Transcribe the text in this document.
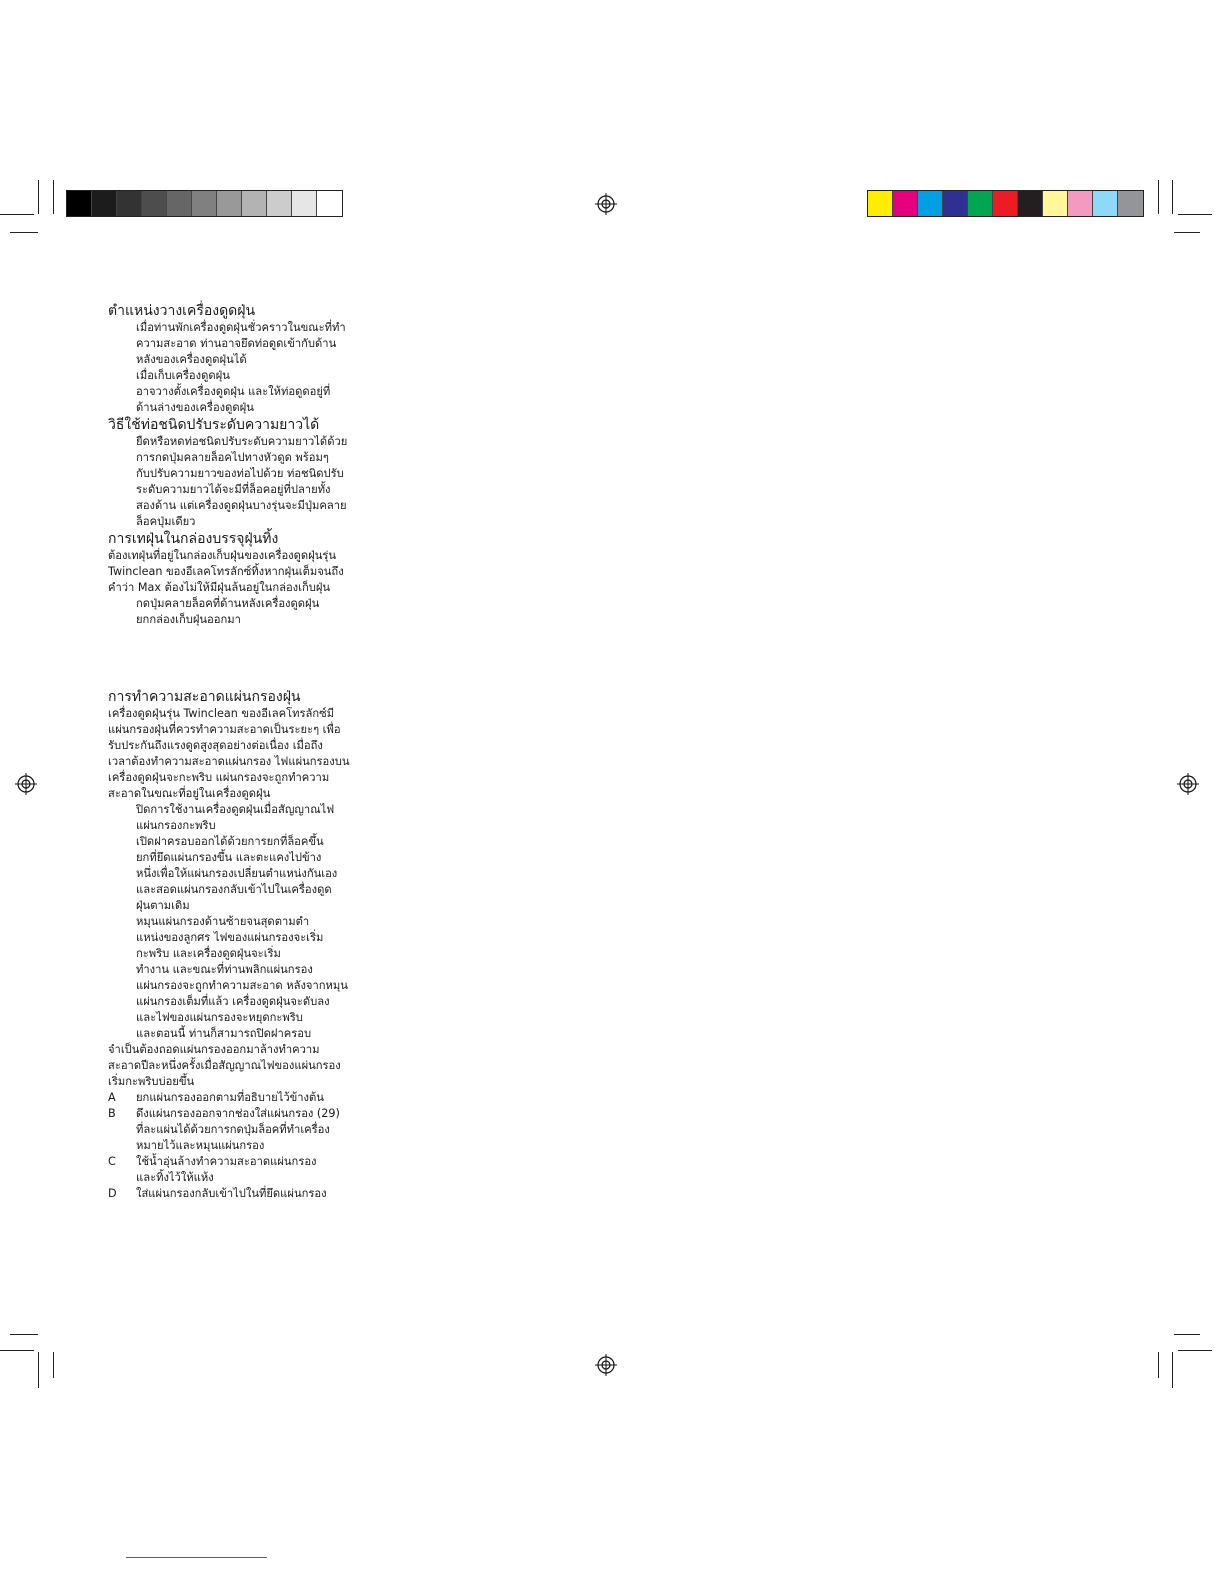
ตำแหน่งวางเครื่องดูดฝุ่น
เมื่อท่านพักเครื่องดูดฝุ่นชั่วคราวในขณะที่ทำ
ความสะอาด ท่านอาจยึดท่อดูดเข้ากับด้าน
หลังของเครื่องดูดฝุ่นได้
เมื่อเก็บเครื่องดูดฝุ่น
อาจวางตั้งเครื่องดูดฝุ่น และให้ท่อดูดอยู่ที่
ด้านล่างของเครื่องดูดฝุ่น
วิธีใช้ท่อชนิดปรับระดับความยาวได้
ยืดหรือหดท่อชนิดปรับระดับความยาวได้ด้วย
การกดปุ่มคลายล็อคไปทางหัวดูด พร้อมๆ
กับปรับความยาวของท่อไปด้วย ท่อชนิดปรับ
ระดับความยาวได้จะมีที่ล็อคอยู่ที่ปลายทั้ง
สองด้าน แต่เครื่องดูดฝุ่นบางรุ่นจะมีปุ่มคลาย
ล็อคปุ่มเดียว
การเทฝุ่นในกล่องบรรจุฝุ่นทิ้ง
ต้องเทฝุ่นที่อยู่ในกล่องเก็บฝุ่นของเครื่องดูดฝุ่นรุ่น
Twinclean ของอีเลคโทรลักซ์ทิ้งหากฝุ่นเต็มจนถึง
คำว่า Max ต้องไม่ให้มีฝุ่นล้นอยู่ในกล่องเก็บฝุ่น
กดปุ่มคลายล็อคที่ด้านหลังเครื่องดูดฝุ่น
ยกกล่องเก็บฝุ่นออกมา
การทำความสะอาดแผ่นกรองฝุ่น
เครื่องดูดฝุ่นรุ่น Twinclean ของอีเลคโทรลักซ์มี
แผ่นกรองฝุ่นที่ควรทำความสะอาดเป็นระยะๆ เพื่อ
รับประกันถึงแรงดูดสูงสุดอย่างต่อเนื่อง เมื่อถึง
เวลาต้องทำความสะอาดแผ่นกรอง ไฟแผ่นกรองบน
เครื่องดูดฝุ่นจะกะพริบ แผ่นกรองจะถูกทำความ
สะอาดในขณะที่อยู่ในเครื่องดูดฝุ่น
ปิดการใช้งานเครื่องดูดฝุ่นเมื่อสัญญาณไฟ
แผ่นกรองกะพริบ
เปิดฝาครอบออกได้ด้วยการยกที่ล็อคขึ้น
ยกที่ยึดแผ่นกรองขึ้น และตะแคงไปข้าง
หนึ่งเพื่อให้แผ่นกรองเปลี่ยนตำแหน่งกันเอง
และสอดแผ่นกรองกลับเข้าไปในเครื่องดูด
ฝุ่นตามเดิม
หมุนแผ่นกรองด้านซ้ายจนสุดตามตำ
แหน่งของลูกศร ไฟของแผ่นกรองจะเริ่ม
กะพริบ และเครื่องดูดฝุ่นจะเริ่ม
ทำงาน และขณะที่ท่านพลิกแผ่นกรอง
แผ่นกรองจะถูกทำความสะอาด หลังจากหมุน
แผ่นกรองเต็มที่แล้ว เครื่องดูดฝุ่นจะดับลง
และไฟของแผ่นกรองจะหยุดกะพริบ
และตอนนี้ ท่านก็สามารถปิดฝาครอบ
จำเป็นต้องถอดแผ่นกรองออกมาล้างทำความ
สะอาดปีละหนึ่งครั้งเมื่อสัญญาณไฟของแผ่นกรอง
เริ่มกะพริบบ่อยขึ้น
A	ยกแผ่นกรองออกตามที่อธิบายไว้ข้างต้น
B	ดึงแผ่นกรองออกจากช่องใส่แผ่นกรอง (29)
ที่ละแผ่นได้ด้วยการกดปุ่มล็อคที่ทำเครื่อง
หมายไว้และหมุนแผ่นกรอง
C	ใช้น้ำอุ่นล้างทำความสะอาดแผ่นกรอง
และทิ้งไว้ให้แห้ง
D	ใส่แผ่นกรองกลับเข้าไปในที่ยึดแผ่นกรอง
